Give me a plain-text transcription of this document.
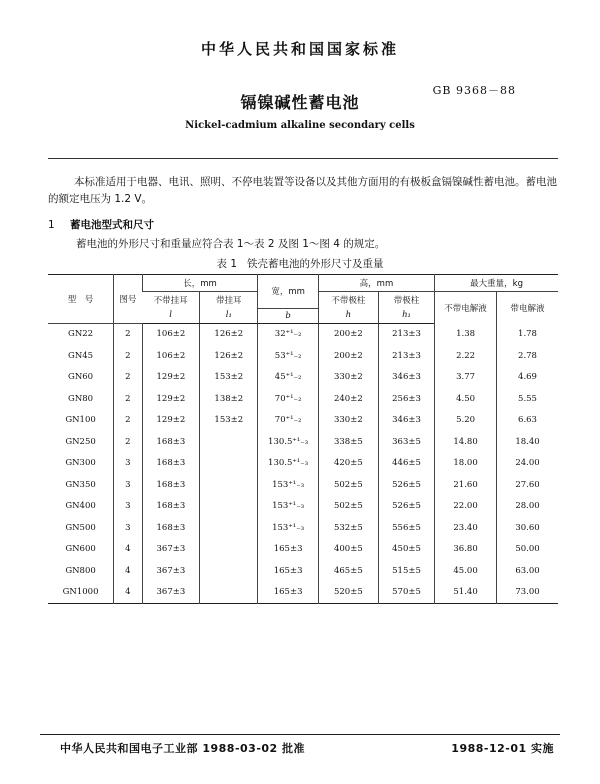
中华人民共和国国家标准
GB 9368－88
镉镍碱性蓄电池
Nickel-cadmium alkaline secondary cells
本标准适用于电器、电讯、照明、不停电装置等设备以及其他方面用的有极板盒镉镍碱性蓄电池。蓄电池的额定电压为 1.2 V。
1 蓄电池型式和尺寸
蓄电池的外形尺寸和重量应符合表 1～表 2 及图 1～图 4 的规定。
表 1 铁壳蓄电池的外形尺寸及重量
型　号	图号	长，mm		宽，mm	高，mm		最大重量，kg	
		不带挂耳	带挂耳		不带极柱	带极柱	不带电解液	带电解液
		l	l₁	b	h	h₁		
GN22	2	106±2	126±2	32⁺¹₋₂	200±2	213±3	1.38	1.78
GN45	2	106±2	126±2	53⁺¹₋₂	200±2	213±3	2.22	2.78
GN60	2	129±2	153±2	45⁺¹₋₂	330±2	346±3	3.77	4.69
GN80	2	129±2	138±2	70⁺¹₋₂	240±2	256±3	4.50	5.55
GN100	2	129±2	153±2	70⁺¹₋₂	330±2	346±3	5.20	6.63
GN250	2	168±3		130.5⁺¹₋₃	338±5	363±5	14.80	18.40
GN300	3	168±3		130.5⁺¹₋₃	420±5	446±5	18.00	24.00
GN350	3	168±3		153⁺¹₋₃	502±5	526±5	21.60	27.60
GN400	3	168±3		153⁺¹₋₃	502±5	526±5	22.00	28.00
GN500	3	168±3		153⁺¹₋₃	532±5	556±5	23.40	30.60
GN600	4	367±3		165±3	400±5	450±5	36.80	50.00
GN800	4	367±3		165±3	465±5	515±5	45.00	63.00
GN1000	4	367±3		165±3	520±5	570±5	51.40	73.00
中华人民共和国电子工业部 1988-03-02 批准	1988-12-01 实施
